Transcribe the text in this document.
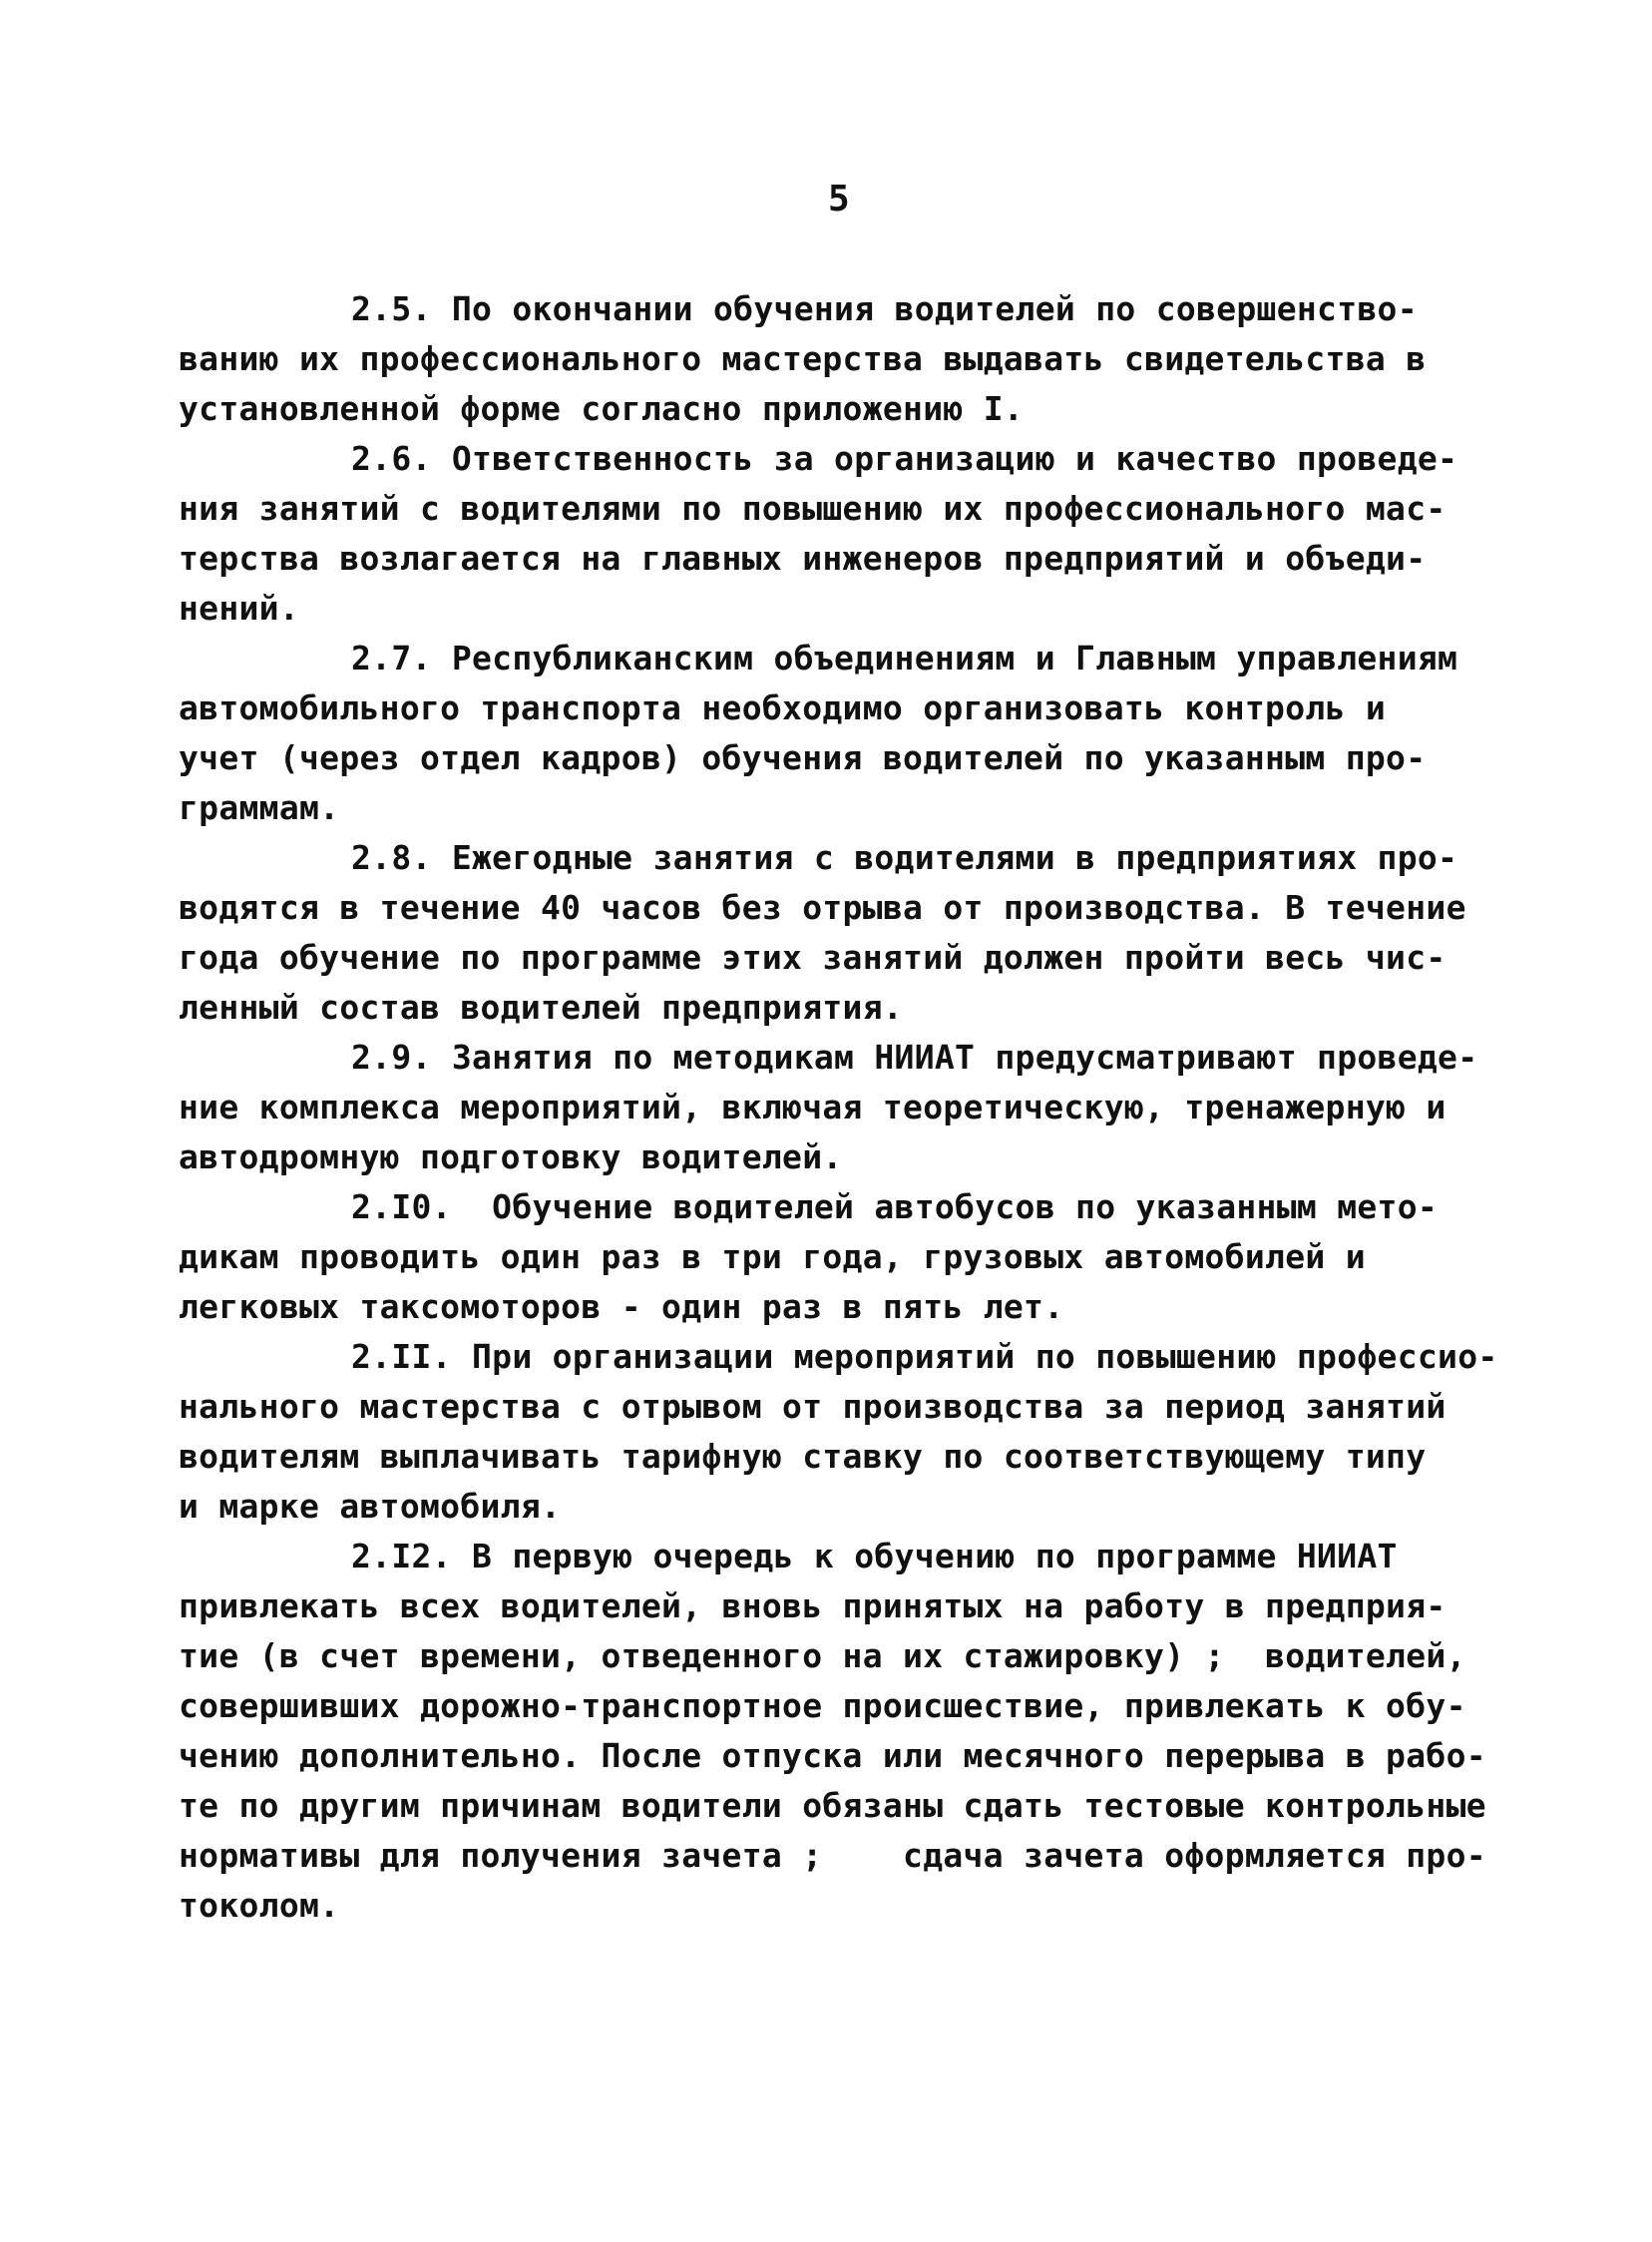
5
2.5. По окончании обучения водителей по совершенство-
ванию их профессионального мастерства выдавать свидетельства в
установленной форме согласно приложению I.
2.6. Ответственность за организацию и качество проведе-
ния занятий с водителями по повышению их профессионального мас-
терства возлагается на главных инженеров предприятий и объеди-
нений.
2.7. Республиканским объединениям и Главным управлениям
автомобильного транспорта необходимо организовать контроль и
учет (через отдел кадров) обучения водителей по указанным про-
граммам.
2.8. Ежегодные занятия с водителями в предприятиях про-
водятся в течение 40 часов без отрыва от производства. В течение
года обучение по программе этих занятий должен пройти весь чис-
ленный состав водителей предприятия.
2.9. Занятия по методикам НИИАТ предусматривают проведе-
ние комплекса мероприятий, включая теоретическую, тренажерную и
автодромную подготовку водителей.
2.I0.  Обучение водителей автобусов по указанным мето-
дикам проводить один раз в три года, грузовых автомобилей и
легковых таксомоторов - один раз в пять лет.
2.II. При организации мероприятий по повышению профессио-
нального мастерства с отрывом от производства за период занятий
водителям выплачивать тарифную ставку по соответствующему типу
и марке автомобиля.
2.I2. В первую очередь к обучению по программе НИИАТ
привлекать всех водителей, вновь принятых на работу в предприя-
тие (в счет времени, отведенного на их стажировку) ;  водителей,
совершивших дорожно-транспортное происшествие, привлекать к обу-
чению дополнительно. После отпуска или месячного перерыва в рабо-
те по другим причинам водители обязаны сдать тестовые контрольные
нормативы для получения зачета ;    сдача зачета оформляется про-
токолом.
